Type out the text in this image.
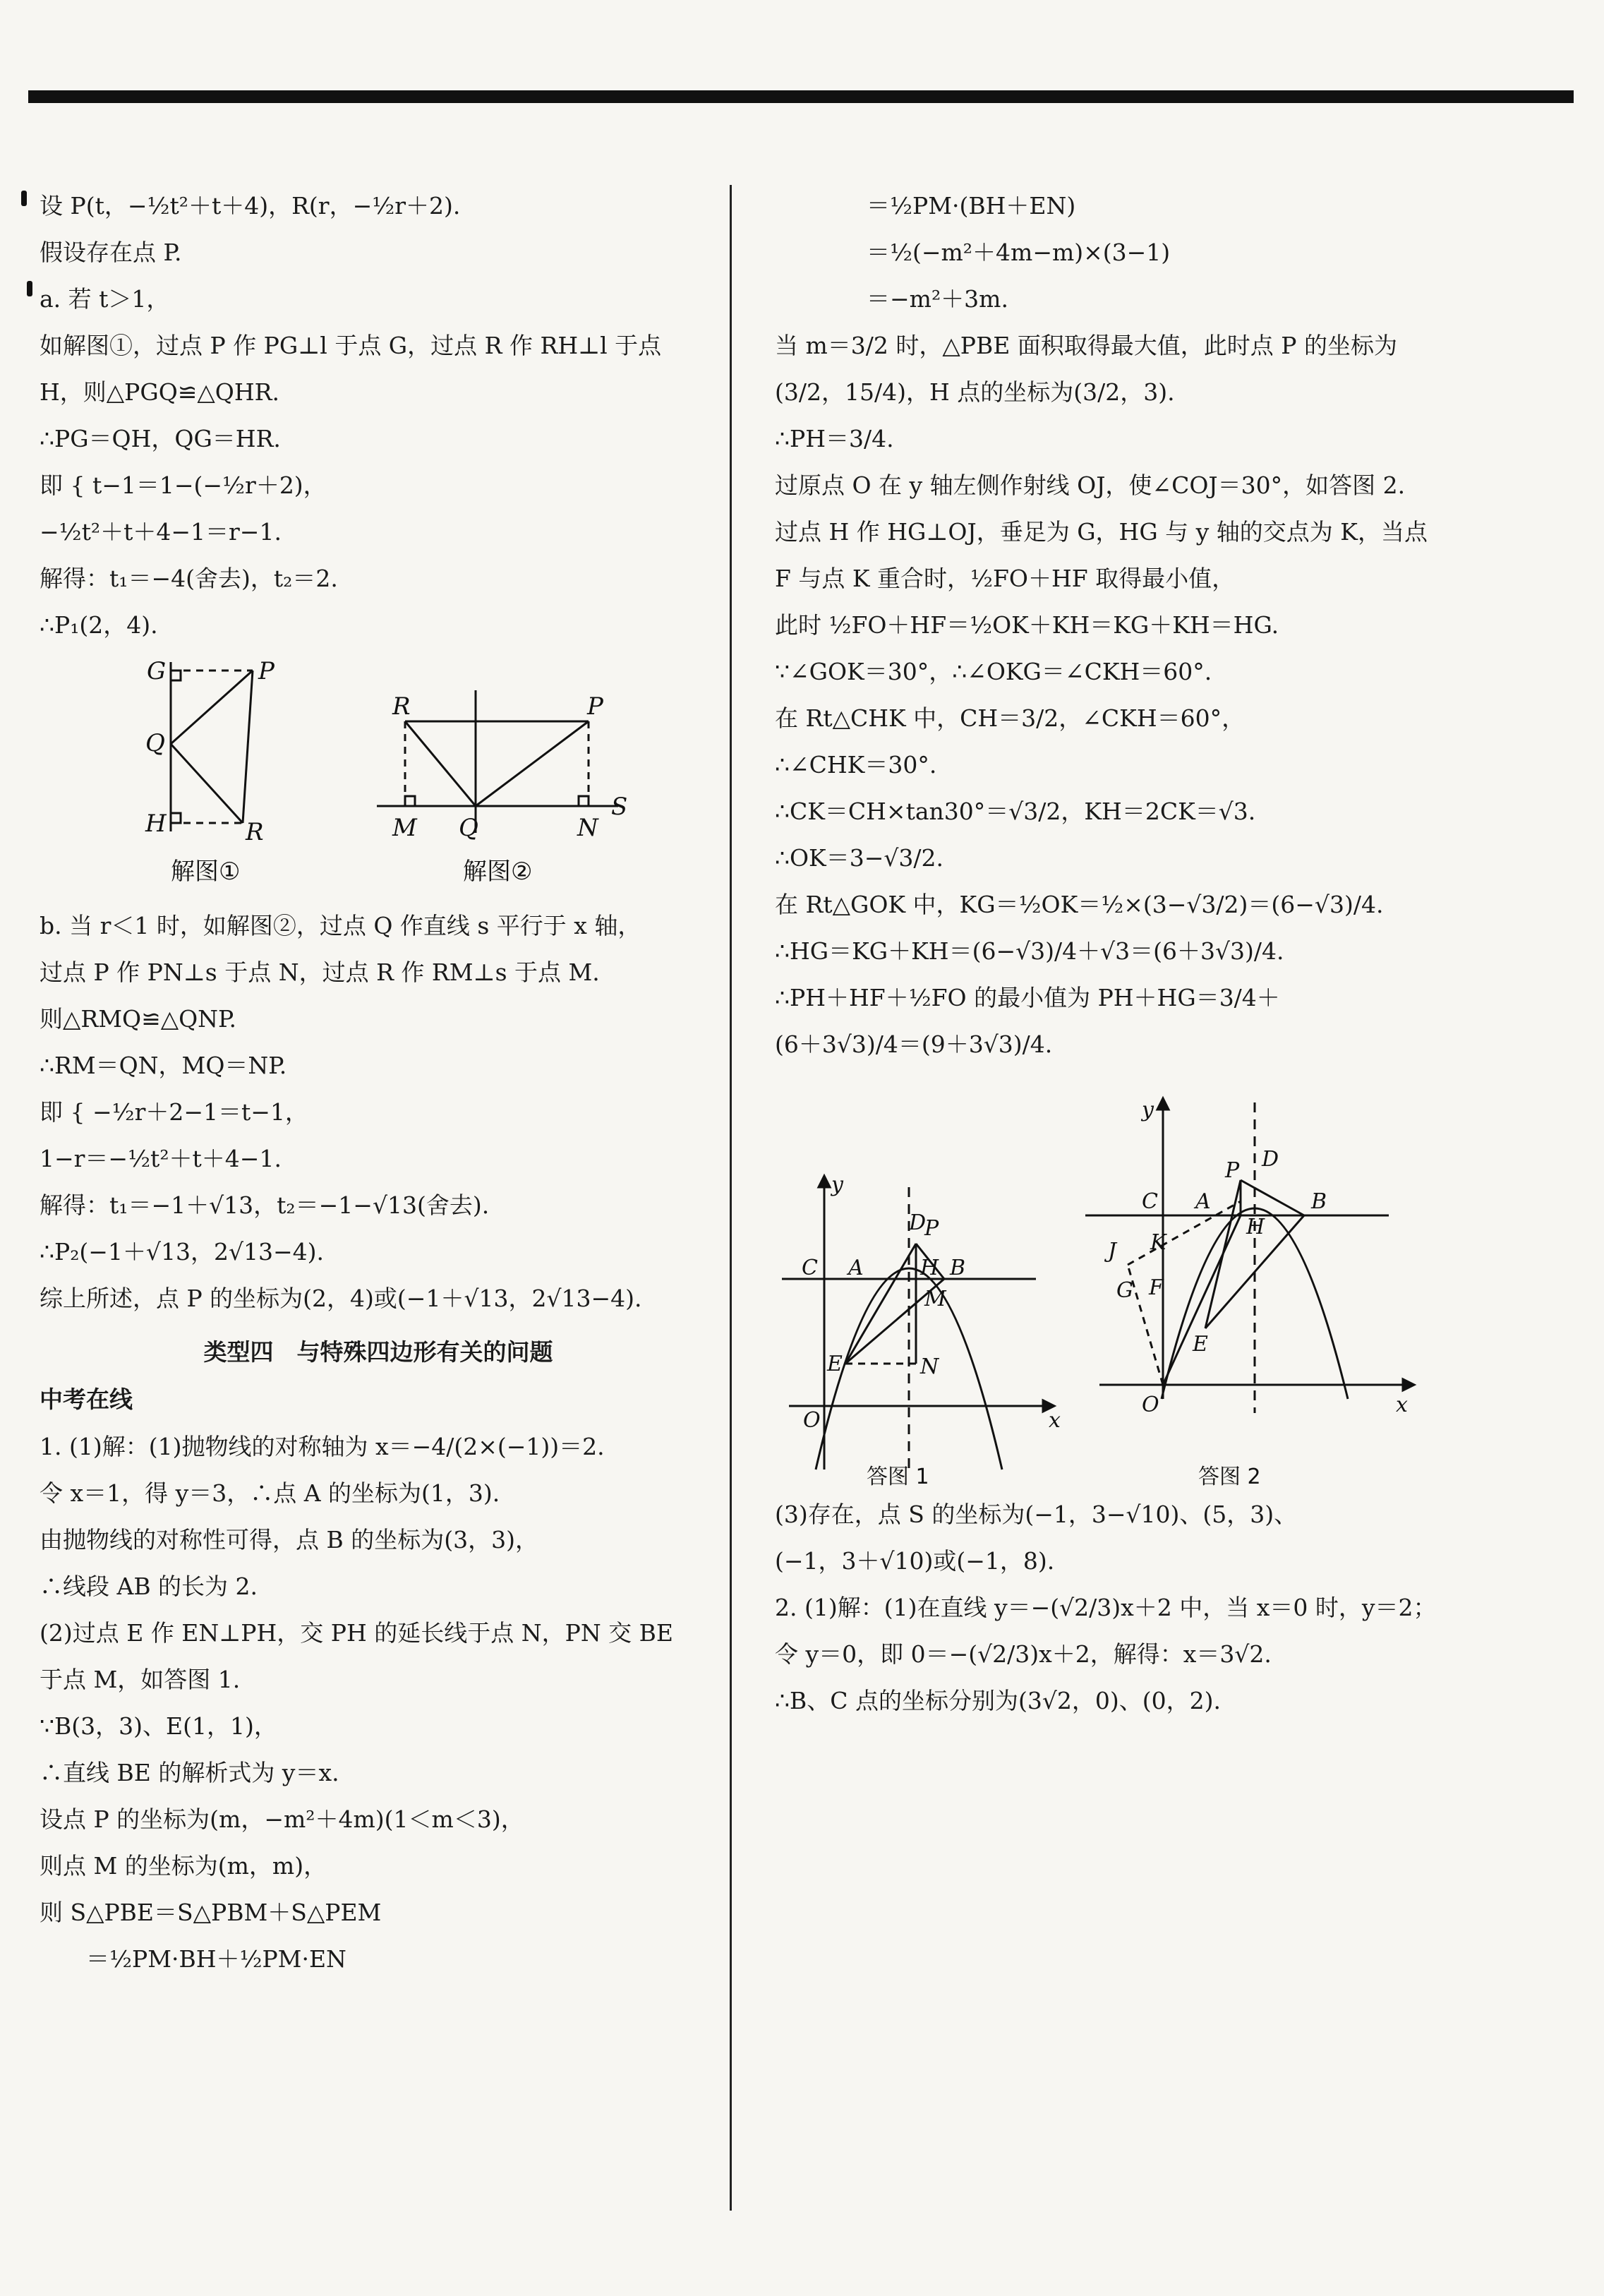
设 P(t，−½t²＋t＋4)，R(r，−½r＋2).
假设存在点 P.
a. 若 t＞1，
如解图①，过点 P 作 PG⊥l 于点 G，过点 R 作 RH⊥l 于点
H，则△PGQ≌△QHR.
∴PG＝QH，QG＝HR.
即 { t−1＝1−(−½r＋2)，
−½t²＋t＋4−1＝r−1.
解得：t₁＝−4(舍去)，t₂＝2.
∴P₁(2，4).
G	P
Q
H	R
R	P
M Q	N
S
解图①	解图②
b. 当 r＜1 时，如解图②，过点 Q 作直线 s 平行于 x 轴，
过点 P 作 PN⊥s 于点 N，过点 R 作 RM⊥s 于点 M.
则△RMQ≌△QNP.
∴RM＝QN，MQ＝NP.
即 { −½r＋2−1＝t−1，
1−r＝−½t²＋t＋4−1.
解得：t₁＝−1＋√13，t₂＝−1−√13(舍去).
∴P₂(−1＋√13，2√13−4).
综上所述，点 P 的坐标为(2，4)或(−1＋√13，2√13−4).
类型四　与特殊四边形有关的问题
中考在线
1. (1)解：(1)抛物线的对称轴为 x＝−4/(2×(−1))＝2.
令 x＝1，得 y＝3，∴点 A 的坐标为(1，3).
由抛物线的对称性可得，点 B 的坐标为(3，3)，
∴线段 AB 的长为 2.
(2)过点 E 作 EN⊥PH，交 PH 的延长线于点 N，PN 交 BE
于点 M，如答图 1.
∵B(3，3)、E(1，1)，
∴直线 BE 的解析式为 y＝x.
设点 P 的坐标为(m，−m²＋4m)(1＜m＜3)，
则点 M 的坐标为(m，m)，
则 S△PBE＝S△PBM＋S△PEM
　　＝½PM·BH＋½PM·EN
＝½PM·(BH＋EN)
＝½(−m²＋4m−m)×(3−1)
＝−m²＋3m.
当 m＝3/2 时，△PBE 面积取得最大值，此时点 P 的坐标为
(3/2，15/4)，H 点的坐标为(3/2，3).
∴PH＝3/4.
过原点 O 在 y 轴左侧作射线 OJ，使∠COJ＝30°，如答图 2.
过点 H 作 HG⊥OJ，垂足为 G，HG 与 y 轴的交点为 K，当点
F 与点 K 重合时，½FO＋HF 取得最小值，
此时 ½FO＋HF＝½OK＋KH＝KG＋KH＝HG.
∵∠GOK＝30°，∴∠OKG＝∠CKH＝60°.
在 Rt△CHK 中，CH＝3/2，∠CKH＝60°，
∴∠CHK＝30°.
∴CK＝CH×tan30°＝√3/2，KH＝2CK＝√3.
∴OK＝3−√3/2.
在 Rt△GOK 中，KG＝½OK＝½×(3−√3/2)＝(6−√3)/4.
∴HG＝KG＋KH＝(6−√3)/4＋√3＝(6＋3√3)/4.
∴PH＋HF＋½FO 的最小值为 PH＋HG＝3/4＋
(6＋3√3)/4＝(9＋3√3)/4.
y
D
P
C A	H B
M
E	N
O	x
y
P D
C A	B
H
J K
G F
E
O	x
答图 1	答图 2
(3)存在，点 S 的坐标为(−1，3−√10)、(5，3)、
(−1，3＋√10)或(−1，8).
2. (1)解：(1)在直线 y＝−(√2/3)x＋2 中，当 x＝0 时，y＝2；
令 y＝0，即 0＝−(√2/3)x＋2，解得：x＝3√2.
∴B、C 点的坐标分别为(3√2，0)、(0，2).
